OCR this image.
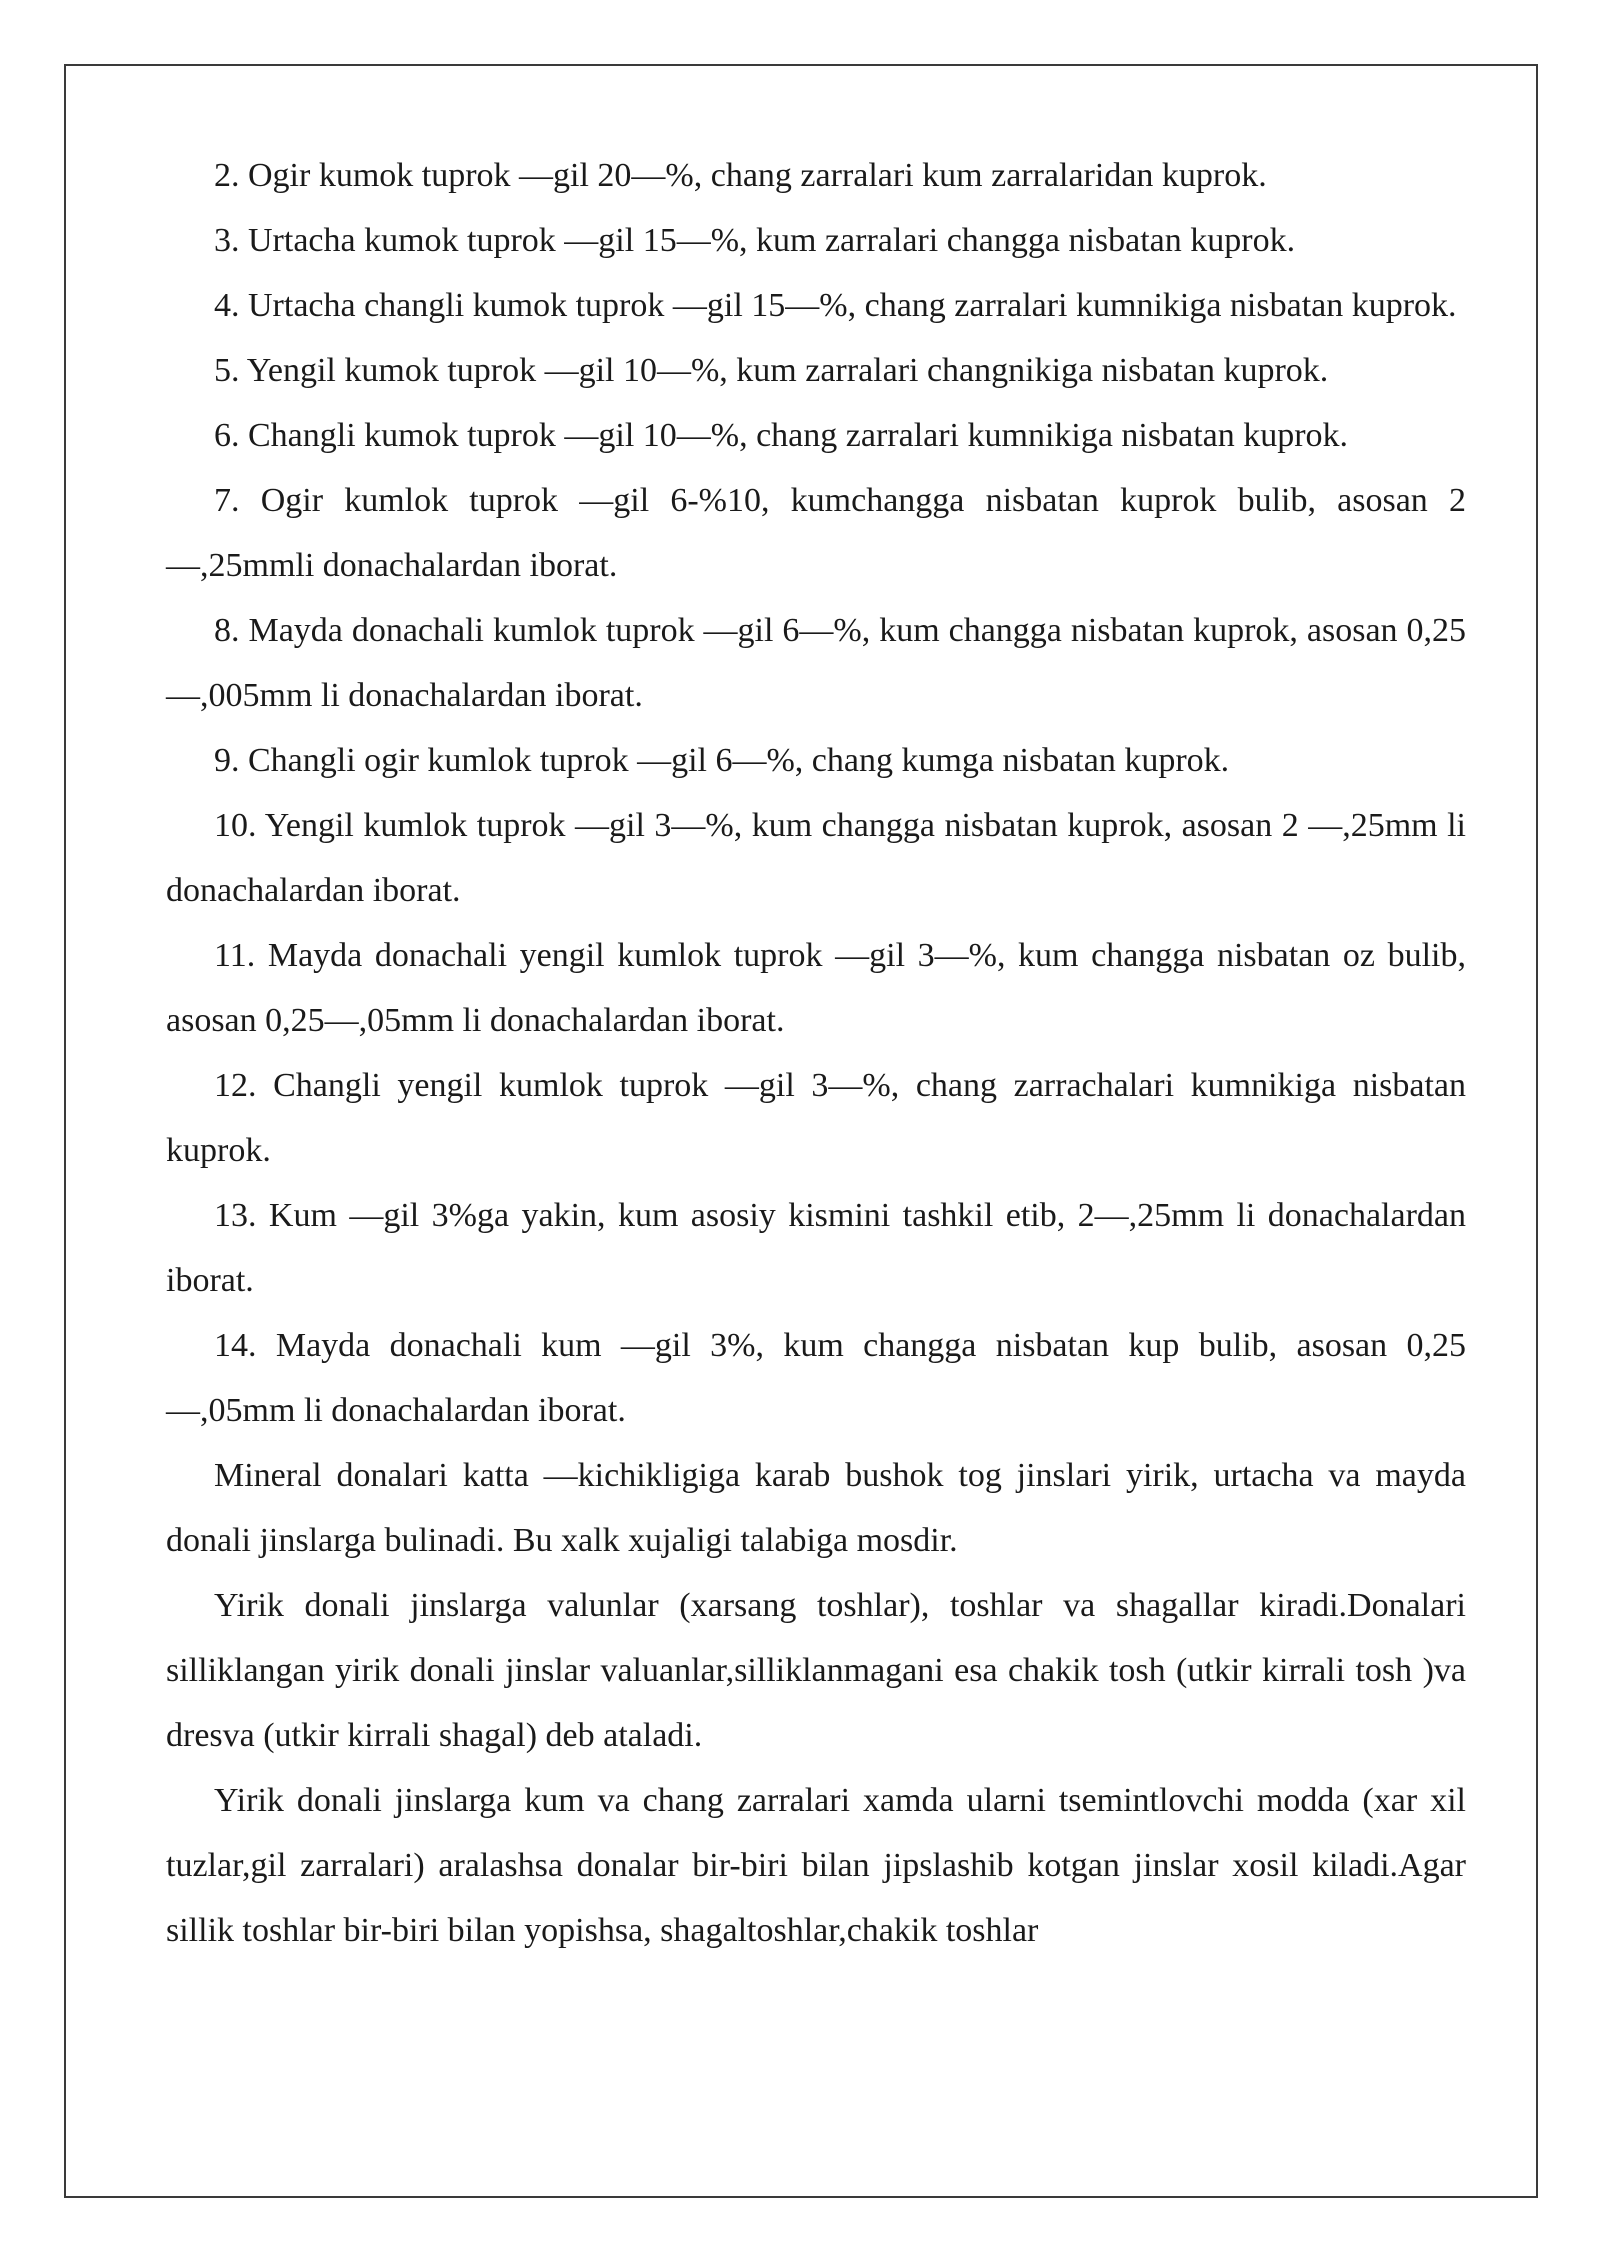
2. Ogir kumok tuprok —gil 20—%, chang zarralari kum zarralaridan kuprok.

3. Urtacha kumok tuprok —gil 15—%, kum zarralari changga nisbatan kuprok.

4. Urtacha changli kumok tuprok —gil 15—%, chang zarralari kumnikiga nisbatan kuprok.

5. Yengil kumok tuprok —gil 10—%, kum zarralari changnikiga nisbatan kuprok.

6. Changli kumok tuprok —gil 10—%, chang zarralari kumnikiga nisbatan kuprok.

7. Ogir kumlok tuprok —gil 6-%10, kumchangga nisbatan kuprok bulib, asosan 2 —,25mmli donachalardan iborat.

8. Mayda donachali kumlok tuprok —gil 6—%, kum changga nisbatan kuprok, asosan 0,25—,005mm li donachalardan iborat.

9. Changli ogir kumlok tuprok —gil 6—%, chang kumga nisbatan kuprok.

10. Yengil kumlok tuprok —gil 3—%, kum changga nisbatan kuprok, asosan 2 —,25mm li donachalardan iborat.

11. Mayda donachali yengil kumlok tuprok —gil 3—%, kum changga nisbatan oz bulib, asosan 0,25—,05mm li donachalardan iborat.

12. Changli yengil kumlok tuprok —gil 3—%, chang zarrachalari kumnikiga nisbatan kuprok.

13. Kum —gil 3%ga yakin, kum asosiy kismini tashkil etib, 2—,25mm li donachalardan iborat.

14. Mayda donachali kum —gil 3%, kum changga nisbatan kup bulib, asosan 0,25 —,05mm li donachalardan iborat.

Mineral donalari katta —kichikligiga karab bushok tog jinslari yirik, urtacha va mayda donali jinslarga bulinadi. Bu xalk xujaligi talabiga mosdir.

Yirik donali jinslarga valunlar (xarsang toshlar), toshlar va shagallar kiradi.Donalari silliklangan yirik donali jinslar valuanlar,silliklanmagani esa chakik tosh (utkir kirrali tosh )va dresva (utkir kirrali shagal) deb ataladi.

Yirik donali jinslarga kum va chang zarralari xamda ularni tsemintlovchi modda (xar xil tuzlar,gil zarralari) aralashsa donalar bir-biri bilan jipslashib kotgan jinslar xosil kiladi.Agar sillik toshlar bir-biri bilan yopishsa, shagaltoshlar,chakik toshlar
